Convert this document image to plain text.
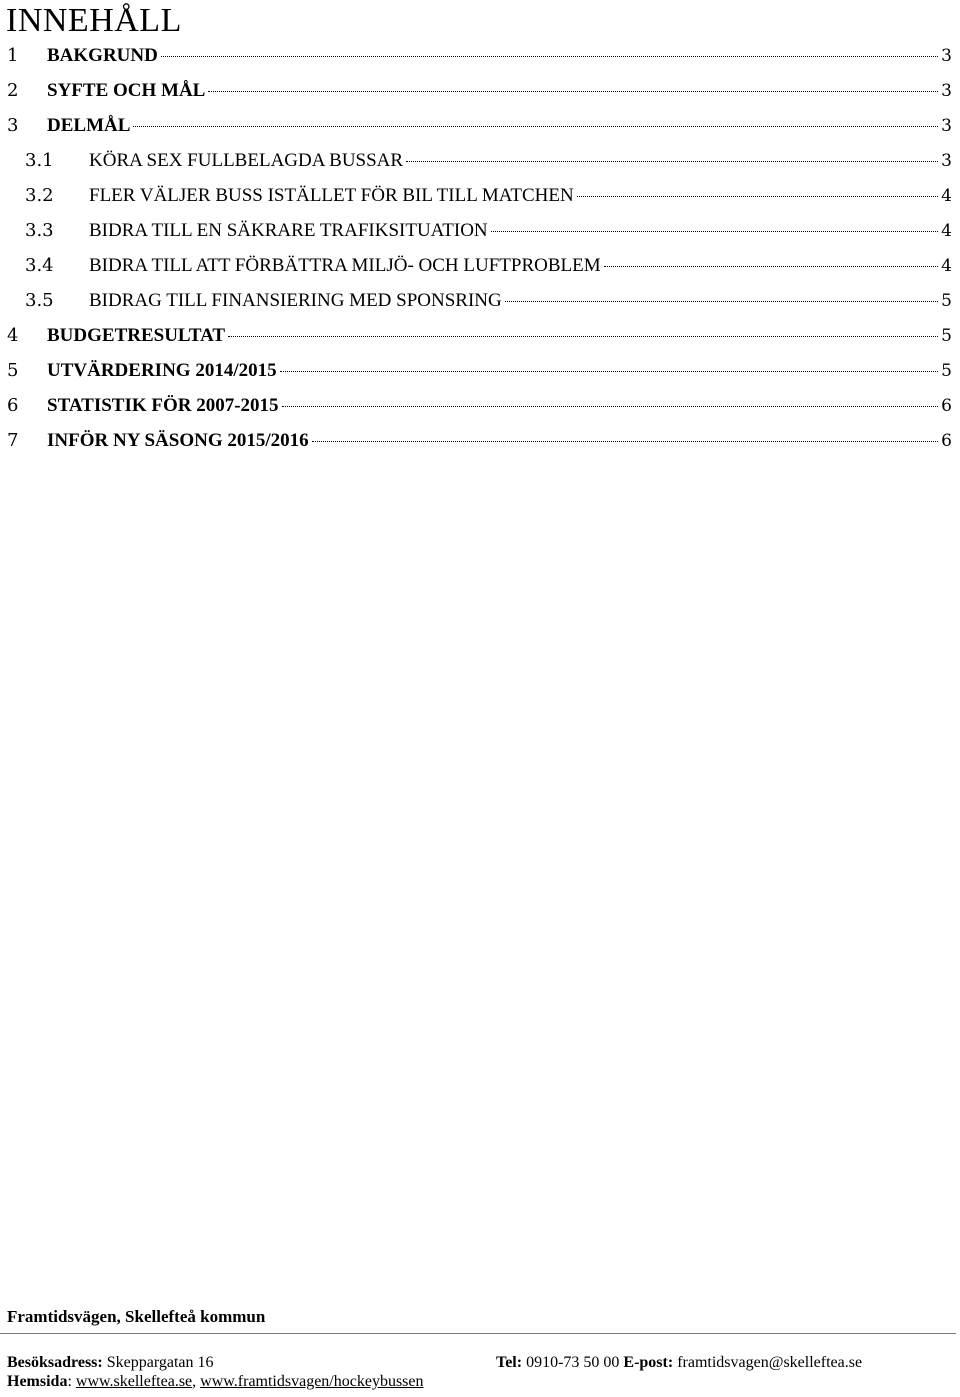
INNEHÅLL
1 BAKGRUND	3
2 SYFTE OCH MÅL	3
3 DELMÅL	3
3.1 KÖRA SEX FULLBELAGDA BUSSAR	3
3.2 FLER VÄLJER BUSS ISTÄLLET FÖR BIL TILL MATCHEN	4
3.3 BIDRA TILL EN SÄKRARE TRAFIKSITUATION	4
3.4 BIDRA TILL ATT FÖRBÄTTRA MILJÖ- OCH LUFTPROBLEM	4
3.5 BIDRAG TILL FINANSIERING MED SPONSRING	5
4 BUDGETRESULTAT	5
5 UTVÄRDERING 2014/2015	5
6 STATISTIK FÖR 2007-2015	6
7 INFÖR NY SÄSONG 2015/2016	6
Framtidsvägen, Skellefteå kommun
Besöksadress: Skeppargatan 16	Tel: 0910-73 50 00 E-post: framtidsvagen@skelleftea.se
Hemsida: www.skelleftea.se, www.framtidsvagen/hockeybussen
